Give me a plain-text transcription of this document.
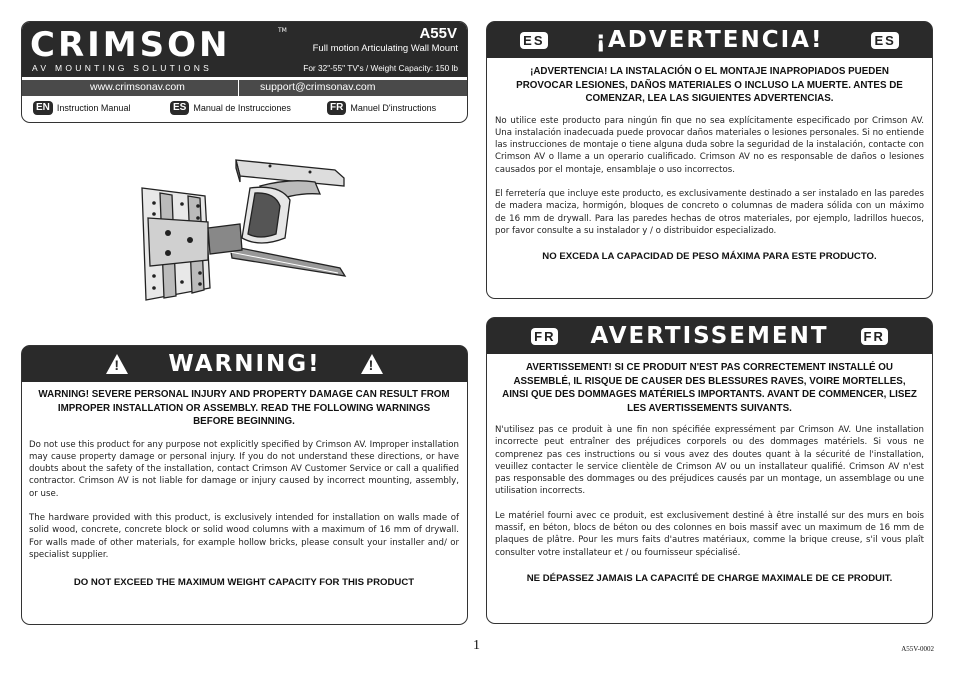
CRIMSON	TM
AV MOUNTING SOLUTIONS
A55V
Full motion Articulating Wall Mount
For 32"-55" TV's / Weight Capacity: 150 lb
www.crimsonav.com	support@crimsonav.com
EN Instruction Manual	ES Manual de Instrucciones	FR Manuel D'instructions
! WARNING!	!
WARNING! SEVERE PERSONAL INJURY AND PROPERTY DAMAGE CAN RESULT FROM IMPROPER INSTALLATION OR ASSEMBLY. READ THE FOLLOWING WARNINGS BEFORE BEGINNING.

Do not use this product for any purpose not explicitly specified by Crimson AV. Improper installation may cause property damage or personal injury. If you do not understand these directions, or have doubts about the safety of the installation, contact Crimson AV Customer Service or call a qualified contractor. Crimson AV is not liable for damage or injury caused by incorrect mounting, assembly, or use.

The hardware provided with this product, is exclusively intended for installation on walls made of solid wood, concrete, concrete block or solid wood columns with a maximum of 16 mm of drywall. For walls made of other materials, for example hollow bricks, please consult your installer and/ or specialist supplier.

DO NOT EXCEED THE MAXIMUM WEIGHT CAPACITY FOR THIS PRODUCT
ES ¡ADVERTENCIA!	ES
¡ADVERTENCIA! LA INSTALACIÓN O EL MONTAJE INAPROPIADOS PUEDEN PROVOCAR LESIONES, DAÑOS MATERIALES O INCLUSO LA MUERTE. ANTES DE COMENZAR, LEA LAS SIGUIENTES ADVERTENCIAS.

No utilice este producto para ningún fin que no sea explícitamente especificado por Crimson AV. Una instalación inadecuada puede provocar daños materiales o lesiones personales. Si no entiende las instrucciones de montaje o tiene alguna duda sobre la seguridad de la instalación, contacte con Crimson AV o llame a un operario cualificado. Crimson AV no es responsable de daños o lesiones causados por el montaje, ensamblaje o uso incorrectos.

El ferretería que incluye este producto, es exclusivamente destinado a ser instalado en las paredes de madera maciza, hormigón, bloques de concreto o columnas de madera sólida con un máximo de 16 mm de drywall. Para las paredes hechas de otros materiales, por ejemplo, ladrillos huecos, por favor consulte a su instalador y / o distribuidor especializado.

NO EXCEDA LA CAPACIDAD DE PESO MÁXIMA PARA ESTE PRODUCTO.
FR AVERTISSEMENT	FR
AVERTISSEMENT! SI CE PRODUIT N'EST PAS CORRECTEMENT INSTALLÉ OU ASSEMBLÉ, IL RISQUE DE CAUSER DES BLESSURES RAVES, VOIRE MORTELLES, AINSI QUE DES DOMMAGES MATÉRIELS IMPORTANTS. AVANT DE COMMENCER, LISEZ LES AVERTISSEMENTS SUIVANTS.

N'utilisez pas ce produit à une fin non spécifiée expressément par Crimson AV. Une installation incorrecte peut entraîner des préjudices corporels ou des dommages matériels. Si vous ne comprenez pas ces instructions ou si vous avez des doutes quant à la sécurité de l'installation, veuillez contacter le service clientèle de Crimson AV ou un installateur qualifié. Crimson AV n'est pas responsable des dommages ou des préjudices causés par un montage, un assemblage ou une utilisation incorrects.

Le matériel fourni avec ce produit, est exclusivement destiné à être installé sur des murs en bois massif, en béton, blocs de béton ou des colonnes en bois massif avec un maximum de 16 mm de plaques de plâtre. Pour les murs faits d'autres matériaux, comme la brique creuse, s'il vous plaît consulter votre installateur et / ou fournisseur spécialisé.

NE DÉPASSEZ JAMAIS LA CAPACITÉ DE CHARGE MAXIMALE DE CE PRODUIT.
1	A55V-0002
